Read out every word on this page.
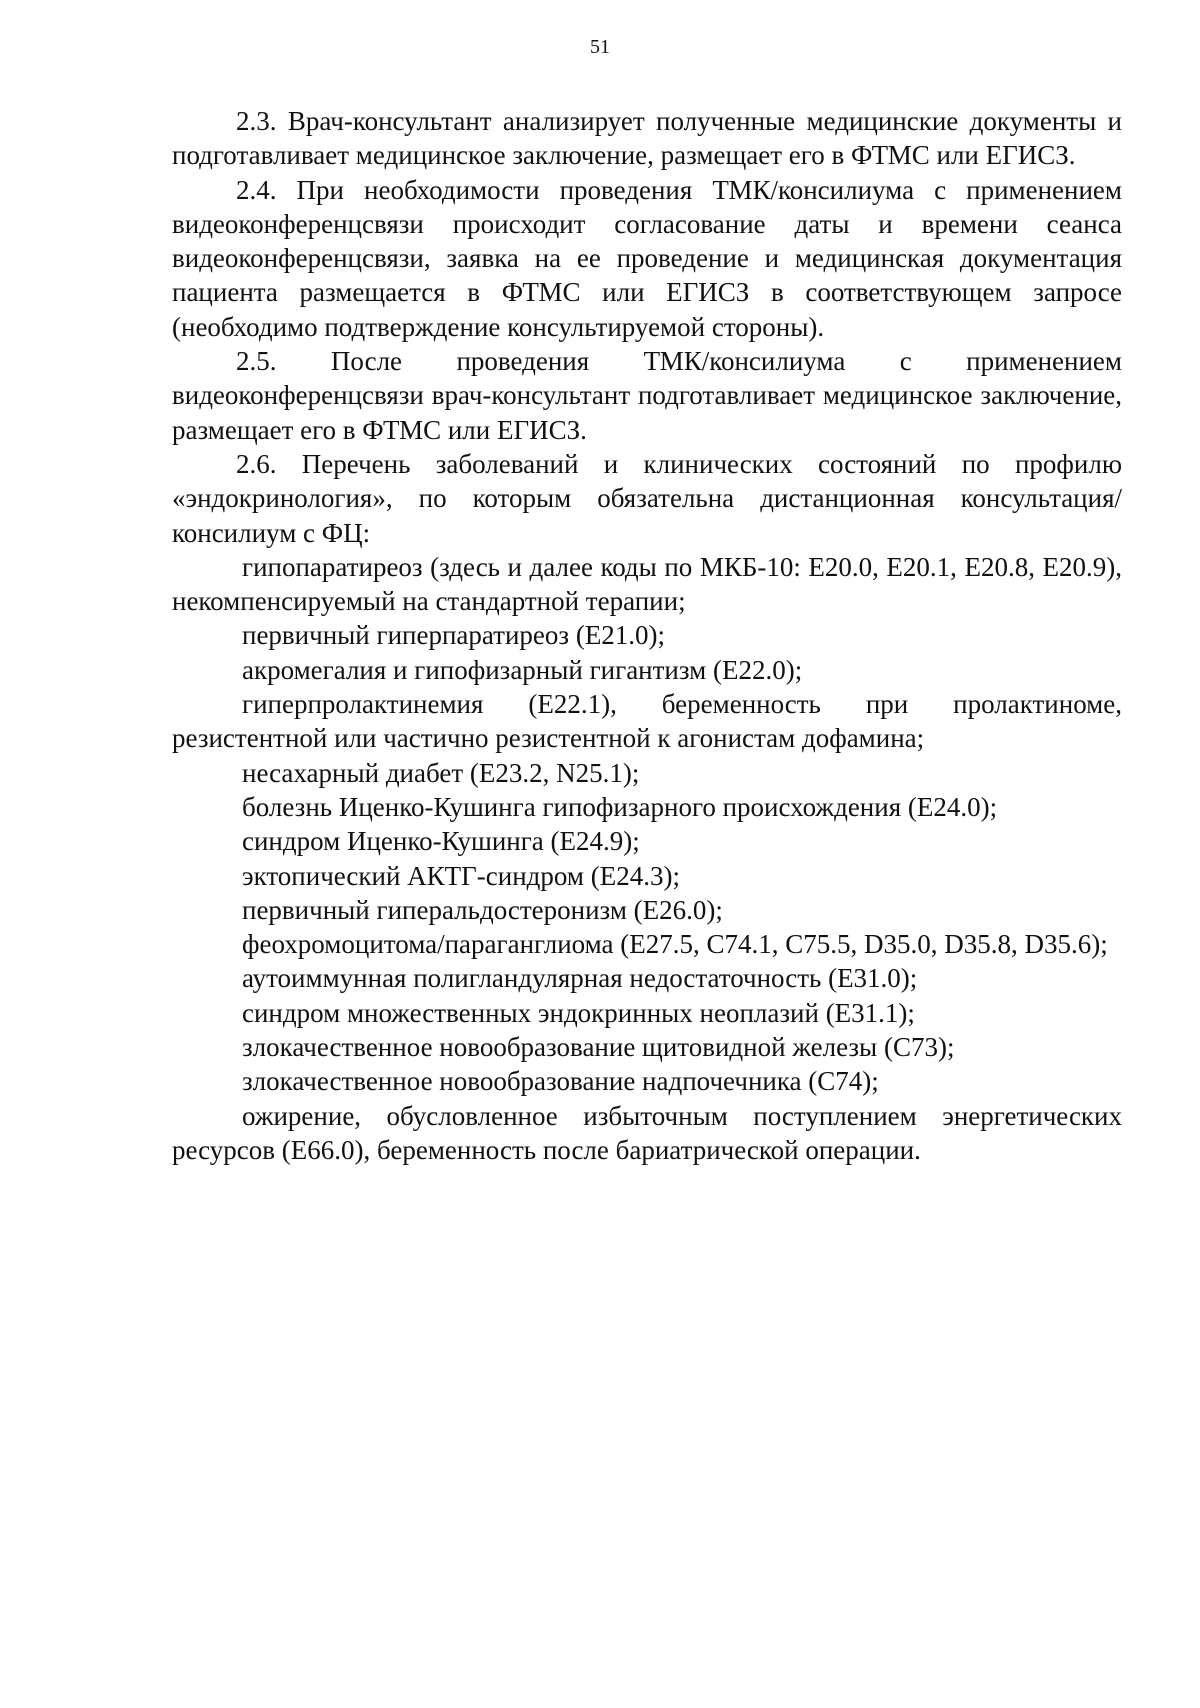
51

2.3. Врач-консультант анализирует полученные медицинские документы и подготавливает медицинское заключение, размещает его в ФТМС или ЕГИСЗ.

2.4. При необходимости проведения ТМК/консилиума с применением видеоконференцсвязи происходит согласование даты и времени сеанса видеоконференцсвязи, заявка на ее проведение и медицинская документация пациента размещается в ФТМС или ЕГИСЗ в соответствующем запросе (необходимо подтверждение консультируемой стороны).

2.5. После проведения ТМК/консилиума с применением видеоконференцсвязи врач-консультант подготавливает медицинское заключение, размещает его в ФТМС или ЕГИСЗ.

2.6. Перечень заболеваний и клинических состояний по профилю «эндокринология», по которым обязательна дистанционная консультация/консилиум с ФЦ:

гипопаратиреоз (здесь и далее коды по МКБ-10: Е20.0, Е20.1, Е20.8, Е20.9), некомпенсируемый на стандартной терапии;

первичный гиперпаратиреоз (Е21.0);

акромегалия и гипофизарный гигантизм (Е22.0);

гиперпролактинемия (Е22.1), беременность при пролактиноме, резистентной или частично резистентной к агонистам дофамина;

несахарный диабет (Е23.2, N25.1);

болезнь Иценко-Кушинга гипофизарного происхождения (Е24.0);

синдром Иценко-Кушинга (Е24.9);

эктопический АКТГ-синдром (Е24.3);

первичный гиперальдостеронизм (Е26.0);

феохромоцитома/параганглиома (Е27.5, С74.1, С75.5, D35.0, D35.8, D35.6);

аутоиммунная полигландулярная недостаточность (Е31.0);

синдром множественных эндокринных неоплазий (Е31.1);

злокачественное новообразование щитовидной железы (С73);

злокачественное новообразование надпочечника (С74);

ожирение, обусловленное избыточным поступлением энергетических ресурсов (Е66.0), беременность после бариатрической операции.
